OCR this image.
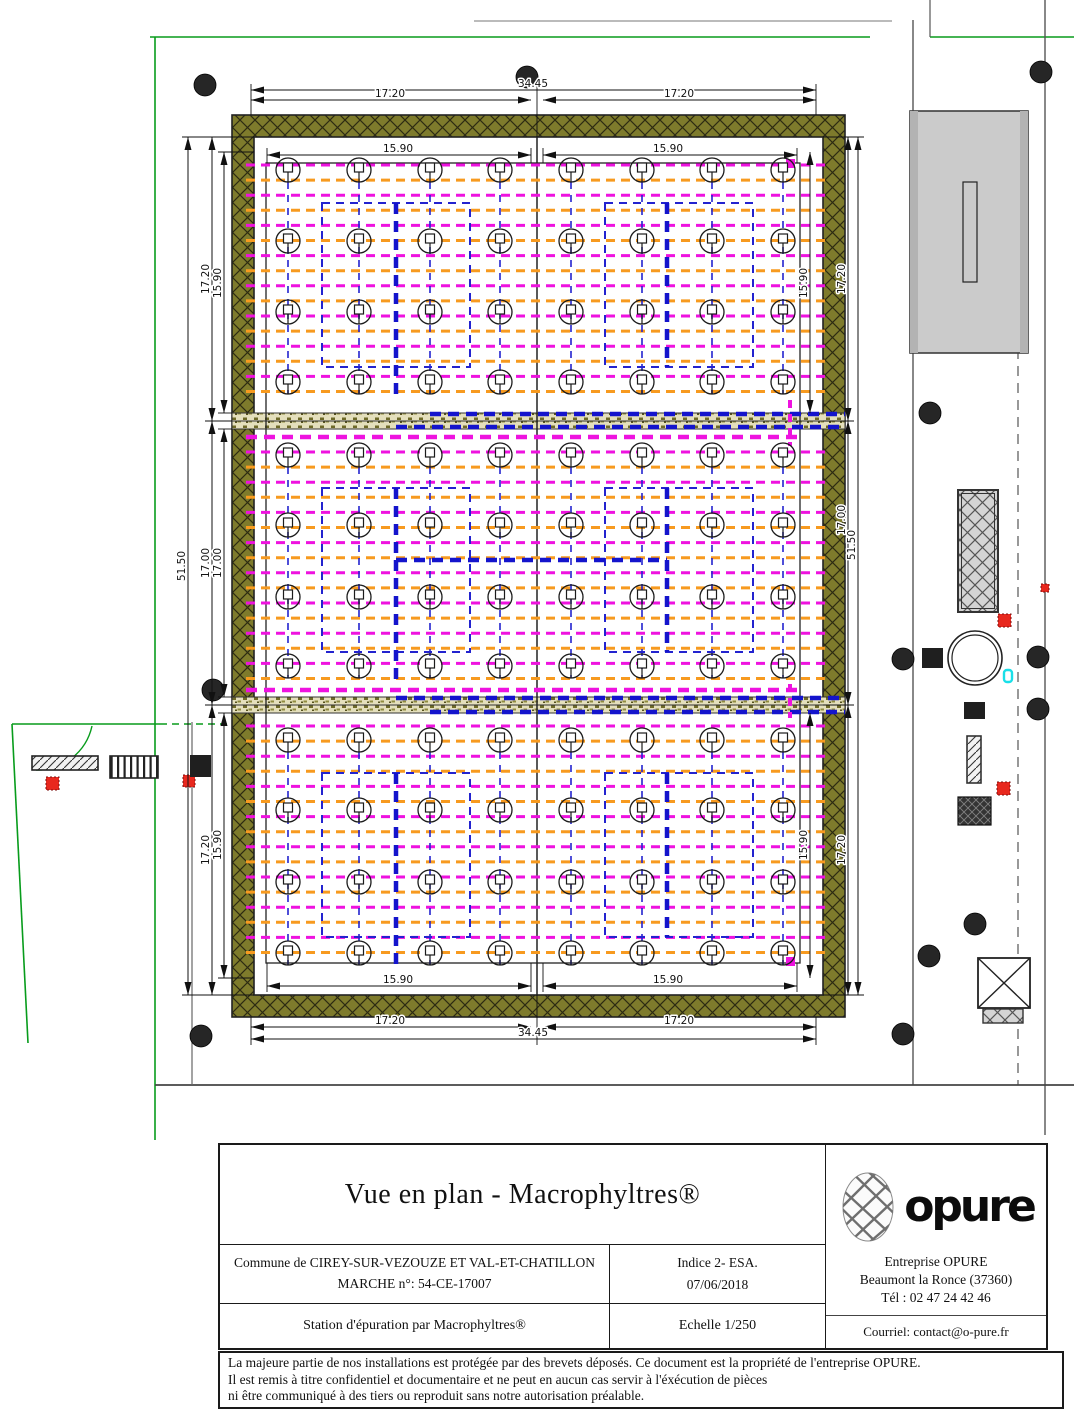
34.45
17.20	17.20
15.90	15.90
15.90	15.90
17.20	17.20
34.45
51.50
17.20
17.00
17.20
15.90
17.00
15.90
15.90
15.90
17.20
17.00
17.20
51.50
Vue en plan - Macrophyltres®
Commune de CIREY-SUR-VEZOUZE ET VAL-ET-CHATILLON
MARCHE n°: 54-CE-17007
Indice 2- ESA.
07/06/2018
Station d'épuration par Macrophyltres®	Echelle 1/250
opure
Entreprise OPURE
Beaumont la Ronce (37360)
Tél : 02 47 24 42 46
Courriel: contact@o-pure.fr
La majeure partie de nos installations est protégée par des brevets déposés. Ce document est la propriété de l'entreprise OPURE.
Il est remis à titre confidentiel et documentaire et ne peut en aucun cas servir à l'éxécution de pièces
ni être communiqué à des tiers ou reproduit sans notre autorisation préalable.
